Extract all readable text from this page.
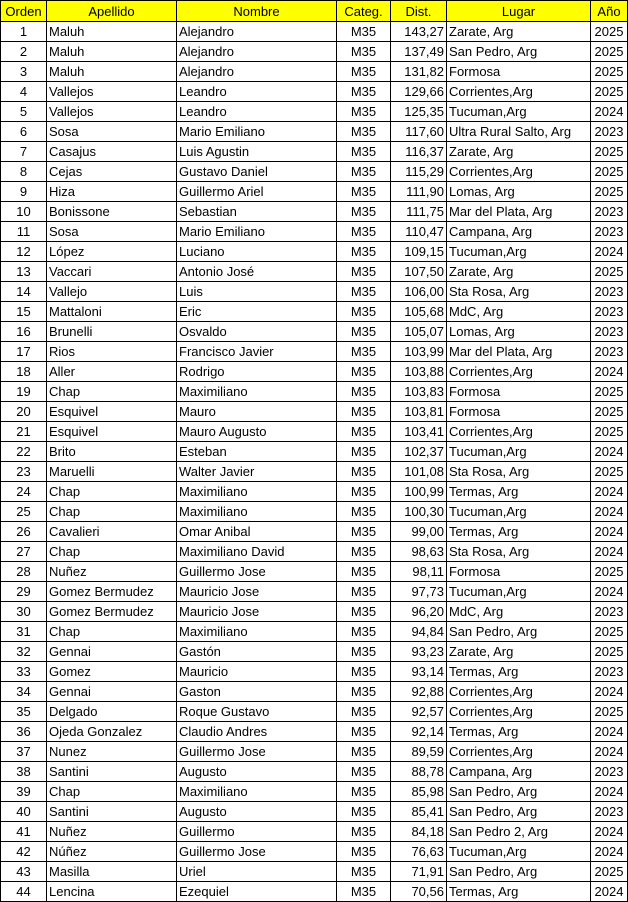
Orden	Apellido	Nombre	Categ.	Dist.	Lugar	Año
1	Maluh	Alejandro	M35	143,27	Zarate, Arg	2025
2	Maluh	Alejandro	M35	137,49	San Pedro, Arg	2025
3	Maluh	Alejandro	M35	131,82	Formosa	2025
4	Vallejos	Leandro	M35	129,66	Corrientes,Arg	2025
5	Vallejos	Leandro	M35	125,35	Tucuman,Arg	2024
6	Sosa	Mario Emiliano	M35	117,60	Ultra Rural Salto, Arg	2023
7	Casajus	Luis Agustin	M35	116,37	Zarate, Arg	2025
8	Cejas	Gustavo Daniel	M35	115,29	Corrientes,Arg	2025
9	Hiza	Guillermo Ariel	M35	111,90	Lomas, Arg	2025
10	Bonissone	Sebastian	M35	111,75	Mar del Plata, Arg	2023
11	Sosa	Mario Emiliano	M35	110,47	Campana, Arg	2023
12	López	Luciano	M35	109,15	Tucuman,Arg	2024
13	Vaccari	Antonio José	M35	107,50	Zarate, Arg	2025
14	Vallejo	Luis	M35	106,00	Sta Rosa, Arg	2023
15	Mattaloni	Eric	M35	105,68	MdC, Arg	2023
16	Brunelli	Osvaldo	M35	105,07	Lomas, Arg	2023
17	Rios	Francisco Javier	M35	103,99	Mar del Plata, Arg	2023
18	Aller	Rodrigo	M35	103,88	Corrientes,Arg	2024
19	Chap	Maximiliano	M35	103,83	Formosa	2025
20	Esquivel	Mauro	M35	103,81	Formosa	2025
21	Esquivel	Mauro Augusto	M35	103,41	Corrientes,Arg	2025
22	Brito	Esteban	M35	102,37	Tucuman,Arg	2024
23	Maruelli	Walter Javier	M35	101,08	Sta Rosa, Arg	2025
24	Chap	Maximiliano	M35	100,99	Termas, Arg	2024
25	Chap	Maximiliano	M35	100,30	Tucuman,Arg	2024
26	Cavalieri	Omar Anibal	M35	99,00	Termas, Arg	2024
27	Chap	Maximiliano David	M35	98,63	Sta Rosa, Arg	2024
28	Nuñez	Guillermo Jose	M35	98,11	Formosa	2025
29	Gomez Bermudez	Mauricio Jose	M35	97,73	Tucuman,Arg	2024
30	Gomez Bermudez	Mauricio Jose	M35	96,20	MdC, Arg	2023
31	Chap	Maximiliano	M35	94,84	San Pedro, Arg	2025
32	Gennai	Gastón	M35	93,23	Zarate, Arg	2025
33	Gomez	Mauricio	M35	93,14	Termas, Arg	2023
34	Gennai	Gaston	M35	92,88	Corrientes,Arg	2024
35	Delgado	Roque Gustavo	M35	92,57	Corrientes,Arg	2025
36	Ojeda Gonzalez	Claudio Andres	M35	92,14	Termas, Arg	2024
37	Nunez	Guillermo Jose	M35	89,59	Corrientes,Arg	2024
38	Santini	Augusto	M35	88,78	Campana, Arg	2023
39	Chap	Maximiliano	M35	85,98	San Pedro, Arg	2024
40	Santini	Augusto	M35	85,41	San Pedro, Arg	2023
41	Nuñez	Guillermo	M35	84,18	San Pedro 2, Arg	2024
42	Núñez	Guillermo Jose	M35	76,63	Tucuman,Arg	2024
43	Masilla	Uriel	M35	71,91	San Pedro, Arg	2025
44	Lencina	Ezequiel	M35	70,56	Termas, Arg	2024
